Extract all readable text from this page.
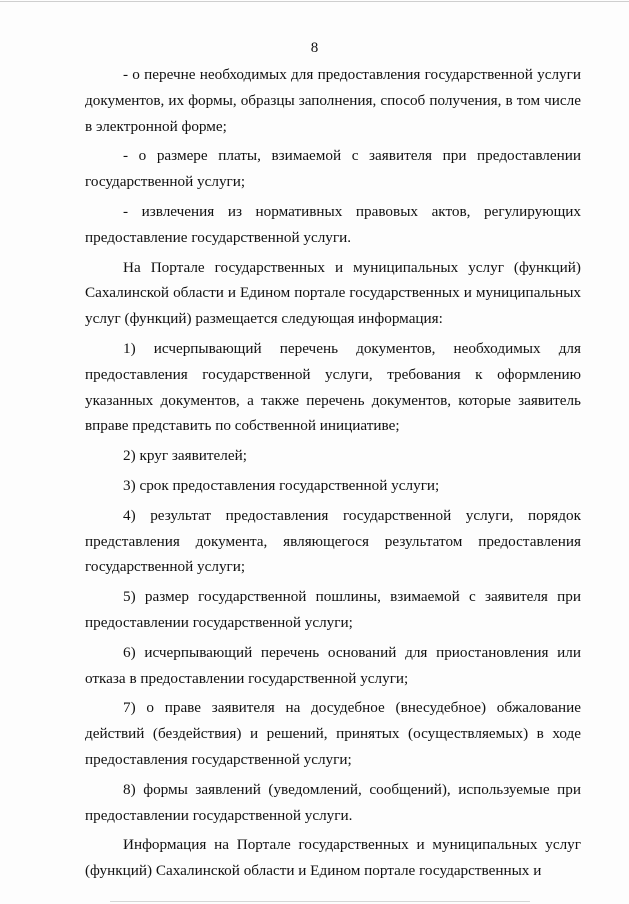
8

- о перечне необходимых для предоставления государственной услуги документов, их формы, образцы заполнения, способ получения, в том числе в электронной форме;

- о размере платы, взимаемой с заявителя при предоставлении государственной услуги;

- извлечения из нормативных правовых актов, регулирующих предоставление государственной услуги.

На Портале государственных и муниципальных услуг (функций) Сахалинской области и Едином портале государственных и муниципальных услуг (функций) размещается следующая информация:

1) исчерпывающий перечень документов, необходимых для предоставления государственной услуги, требования к оформлению указанных документов, а также перечень документов, которые заявитель вправе представить по собственной инициативе;

2) круг заявителей;

3) срок предоставления государственной услуги;

4) результат предоставления государственной услуги, порядок представления документа, являющегося результатом предоставления государственной услуги;

5) размер государственной пошлины, взимаемой с заявителя при предоставлении государственной услуги;

6) исчерпывающий перечень оснований для приостановления или отказа в предоставлении государственной услуги;

7) о праве заявителя на досудебное (внесудебное) обжалование действий (бездействия) и решений, принятых (осуществляемых) в ходе предоставления государственной услуги;

8) формы заявлений (уведомлений, сообщений), используемые при предоставлении государственной услуги.

Информация на Портале государственных и муниципальных услуг (функций) Сахалинской области и Едином портале государственных и
